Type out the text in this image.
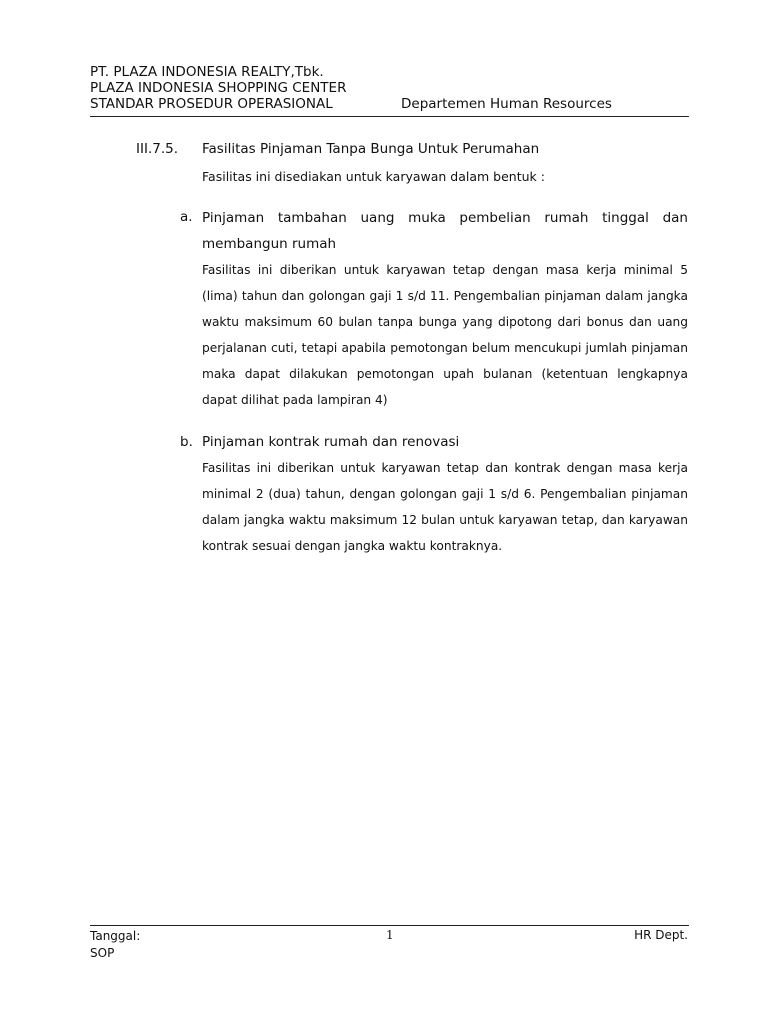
PT. PLAZA INDONESIA REALTY,Tbk.
PLAZA INDONESIA SHOPPING CENTER
STANDAR PROSEDUR OPERASIONAL	Departemen Human Resources
III.7.5. Fasilitas Pinjaman Tanpa Bunga Untuk Perumahan
Fasilitas ini disediakan untuk karyawan dalam bentuk :
a. Pinjaman tambahan uang muka pembelian rumah tinggal dan membangun rumah
Fasilitas ini diberikan untuk karyawan tetap dengan masa kerja minimal 5 (lima) tahun dan golongan gaji 1 s/d 11. Pengembalian pinjaman dalam jangka waktu maksimum 60 bulan tanpa bunga yang dipotong dari bonus dan uang perjalanan cuti, tetapi apabila pemotongan belum mencukupi jumlah pinjaman maka dapat dilakukan pemotongan upah bulanan (ketentuan lengkapnya dapat dilihat pada lampiran 4)
b. Pinjaman kontrak rumah dan renovasi
Fasilitas ini diberikan untuk karyawan tetap dan kontrak dengan masa kerja minimal 2 (dua) tahun, dengan golongan gaji 1 s/d 6. Pengembalian pinjaman dalam jangka waktu maksimum 12 bulan untuk karyawan tetap, dan karyawan kontrak sesuai dengan jangka waktu kontraknya.
Tanggal:
SOP
1	HR Dept.
